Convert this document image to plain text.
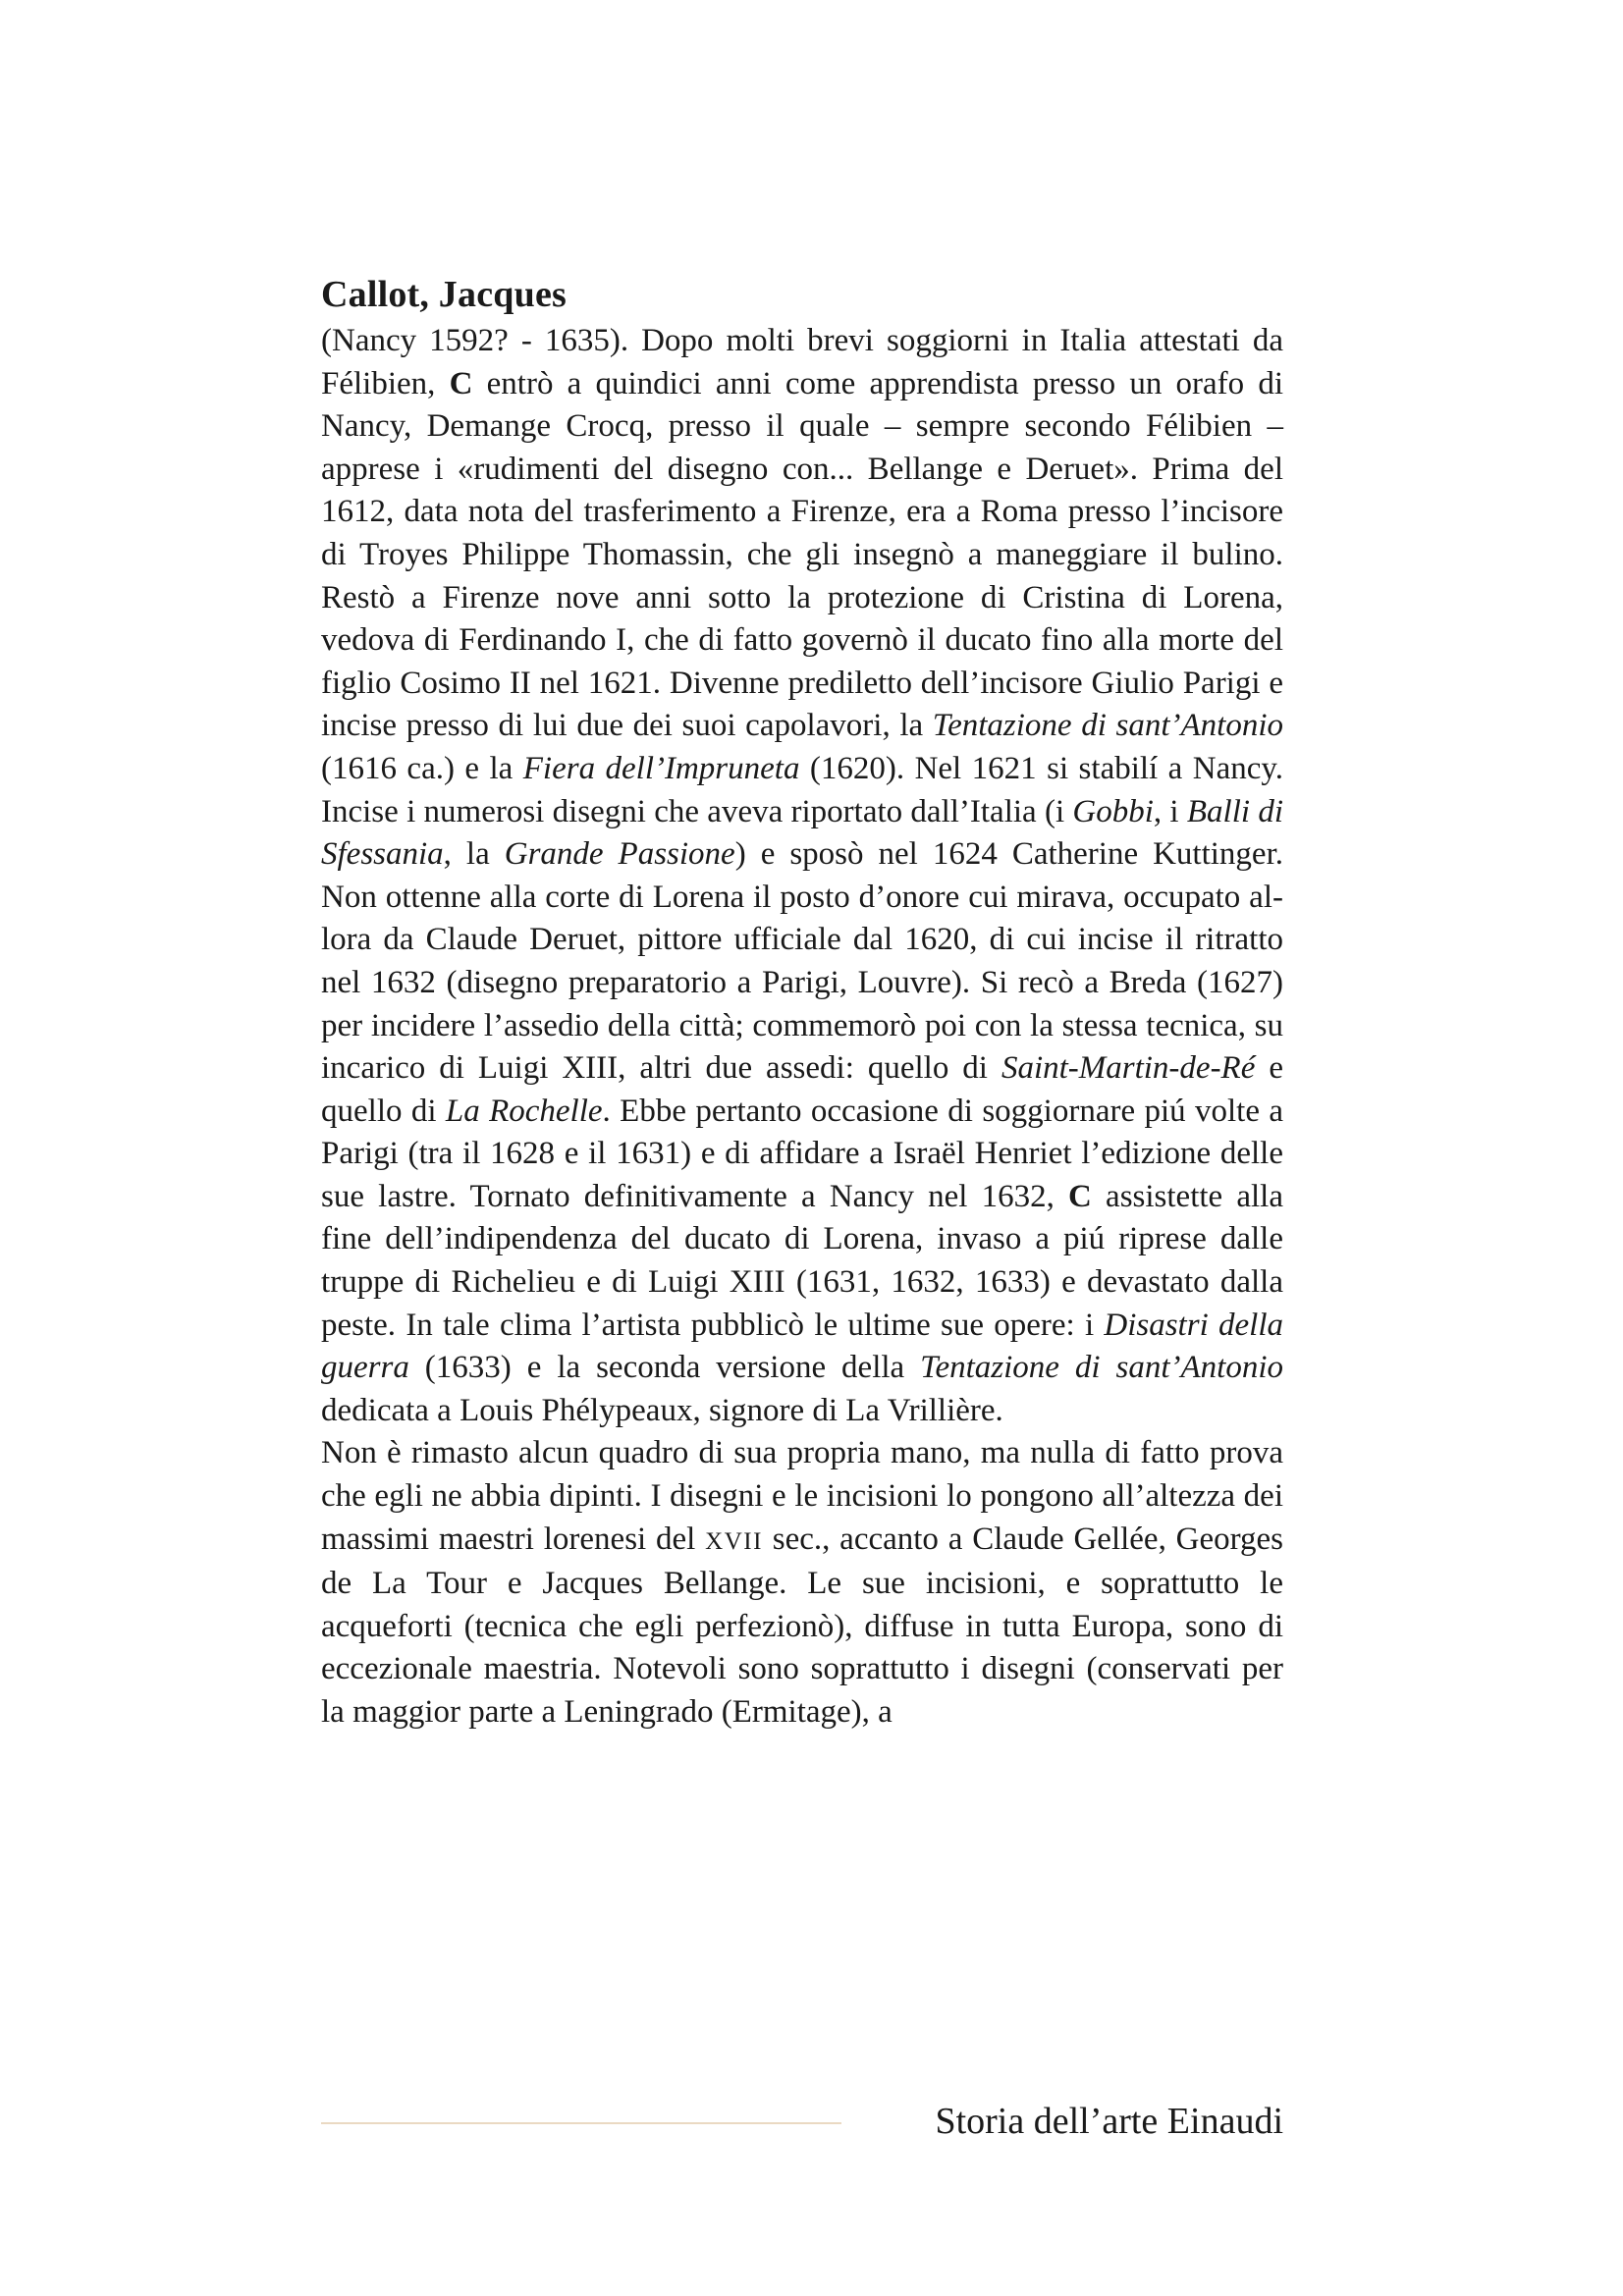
Callot, Jacques

(Nancy 1592? - 1635). Dopo molti brevi soggiorni in Italia attestati da Félibien, C entrò a quindici anni come apprendista presso un orafo di Nancy, Demange Crocq, presso il quale – sempre secondo Félibien – apprese i «rudimenti del disegno con... Bellange e Deruet». Prima del 1612, data nota del trasferimento a Firenze, era a Roma presso l’incisore di Troyes Philippe Thomassin, che gli insegnò a maneggiare il bulino. Restò a Firenze nove anni sotto la protezione di Cristina di Lorena, vedova di Ferdinando I, che di fatto governò il ducato fino alla morte del figlio Cosimo II nel 1621. Divenne prediletto dell’incisore Giulio Parigi e incise presso di lui due dei suoi capolavori, la Tentazione di sant’Antonio (1616 ca.) e la Fiera dell’Impruneta (1620). Nel 1621 si stabilí a Nancy. Incise i numerosi disegni che aveva riportato dall’Italia (i Gobbi, i Balli di Sfessania, la Grande Passione) e sposò nel 1624 Catherine Kuttinger. Non ottenne alla corte di Lorena il posto d’onore cui mirava, occupato allora da Claude Deruet, pittore ufficiale dal 1620, di cui incise il ritratto nel 1632 (disegno preparatorio a Parigi, Louvre). Si recò a Breda (1627) per incidere l’assedio della città; commemorò poi con la stessa tecnica, su incarico di Luigi XIII, altri due assedi: quello di Saint-Martin-de-Ré e quello di La Rochelle. Ebbe pertanto occasione di soggiornare piú volte a Parigi (tra il 1628 e il 1631) e di affidare a Israël Henriet l’edizione delle sue lastre. Tornato definitivamente a Nancy nel 1632, C assistette alla fine dell’indipendenza del ducato di Lorena, invaso a piú riprese dalle truppe di Richelieu e di Luigi XIII (1631, 1632, 1633) e devastato dalla peste. In tale clima l’artista pubblicò le ultime sue opere: i Disastri della guerra (1633) e la seconda versione della Tentazione di sant’Antonio dedicata a Louis Phélypeaux, signore di La Vrillière.

Non è rimasto alcun quadro di sua propria mano, ma nulla di fatto prova che egli ne abbia dipinti. I disegni e le incisioni lo pongono all’altezza dei massimi maestri lorenesi del XVII sec., accanto a Claude Gellée, Georges de La Tour e Jacques Bellange. Le sue incisioni, e soprattutto le acqueforti (tecnica che egli perfezionò), diffuse in tutta Europa, sono di eccezionale maestria. Notevoli sono soprattutto i disegni (conservati per la maggior parte a Leningrado (Ermitage), a

Storia dell’arte Einaudi
